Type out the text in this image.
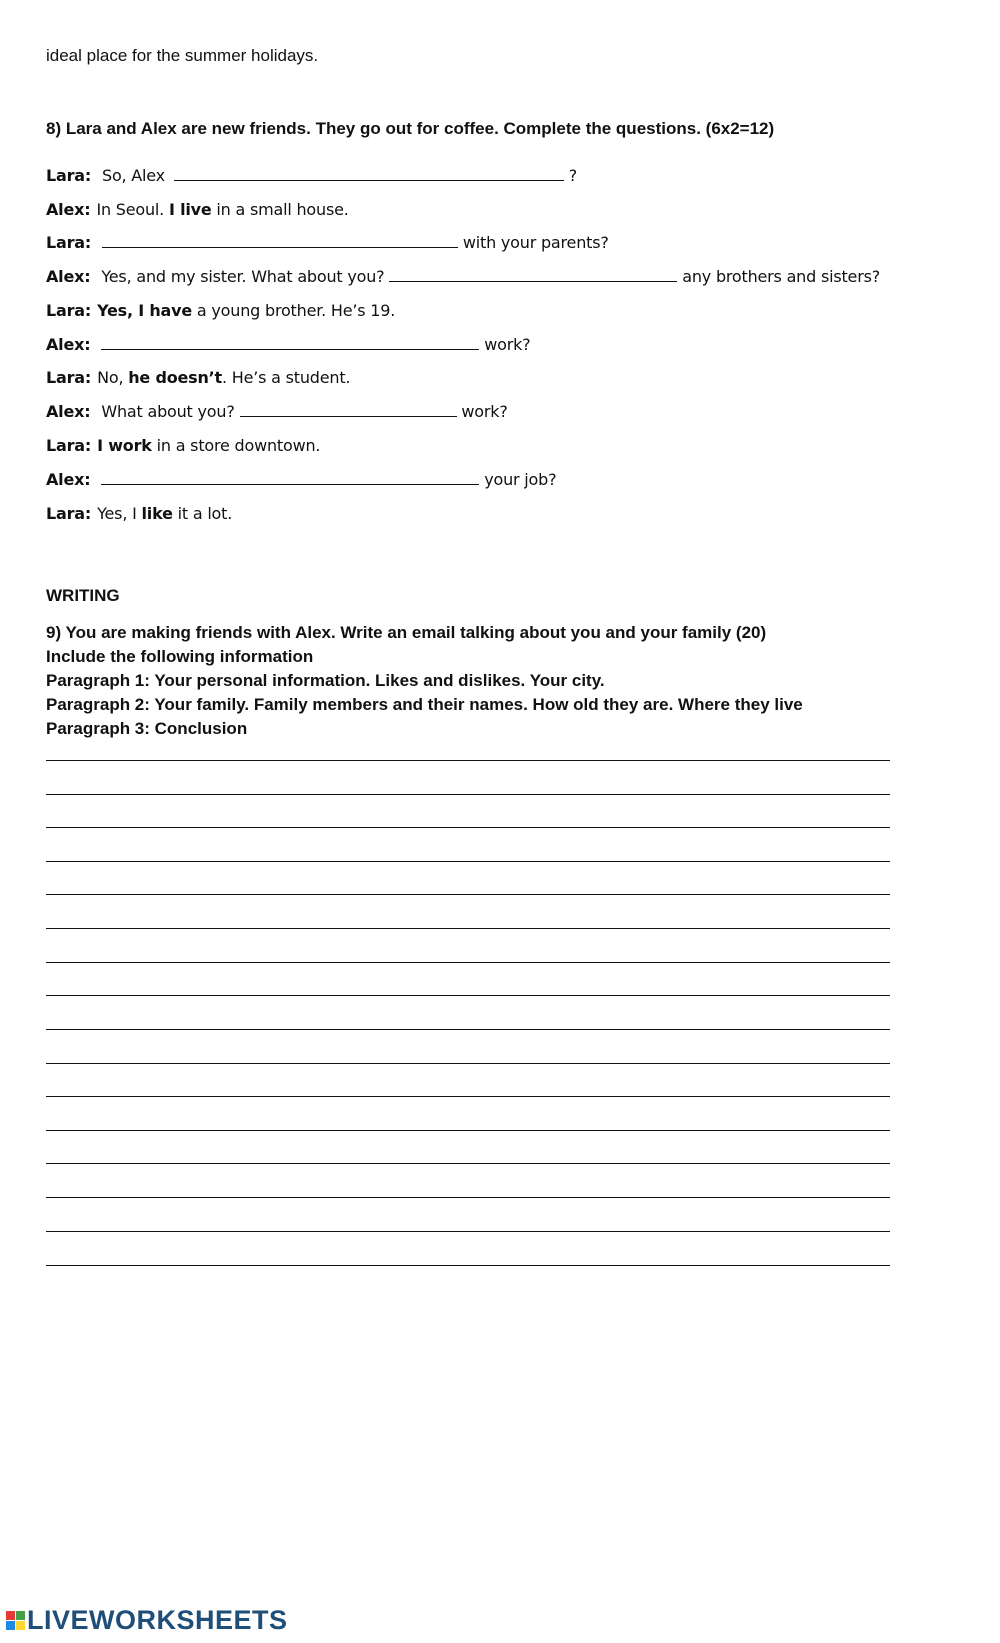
ideal place for the summer holidays.
8) Lara and Alex are new friends. They go out for coffee. Complete the questions. (6x2=12)
Lara: So, Alex	?
Alex: In Seoul. I live in a small house.
Lara:	with your parents?
Alex: Yes, and my sister. What about you?	any brothers and sisters?
Lara: Yes, I have a young brother. He’s 19.
Alex:	work?
Lara: No, he doesn’t. He’s a student.
Alex: What about you?	work?
Lara: I work in a store downtown.
Alex:	your job?
Lara: Yes, I like it a lot.
WRITING
9) You are making friends with Alex. Write an email talking about you and your family (20)
Include the following information
Paragraph 1: Your personal information. Likes and dislikes. Your city.
Paragraph 2: Your family. Family members and their names. How old they are. Where they live
Paragraph 3: Conclusion
LIVEWORKSHEETS
